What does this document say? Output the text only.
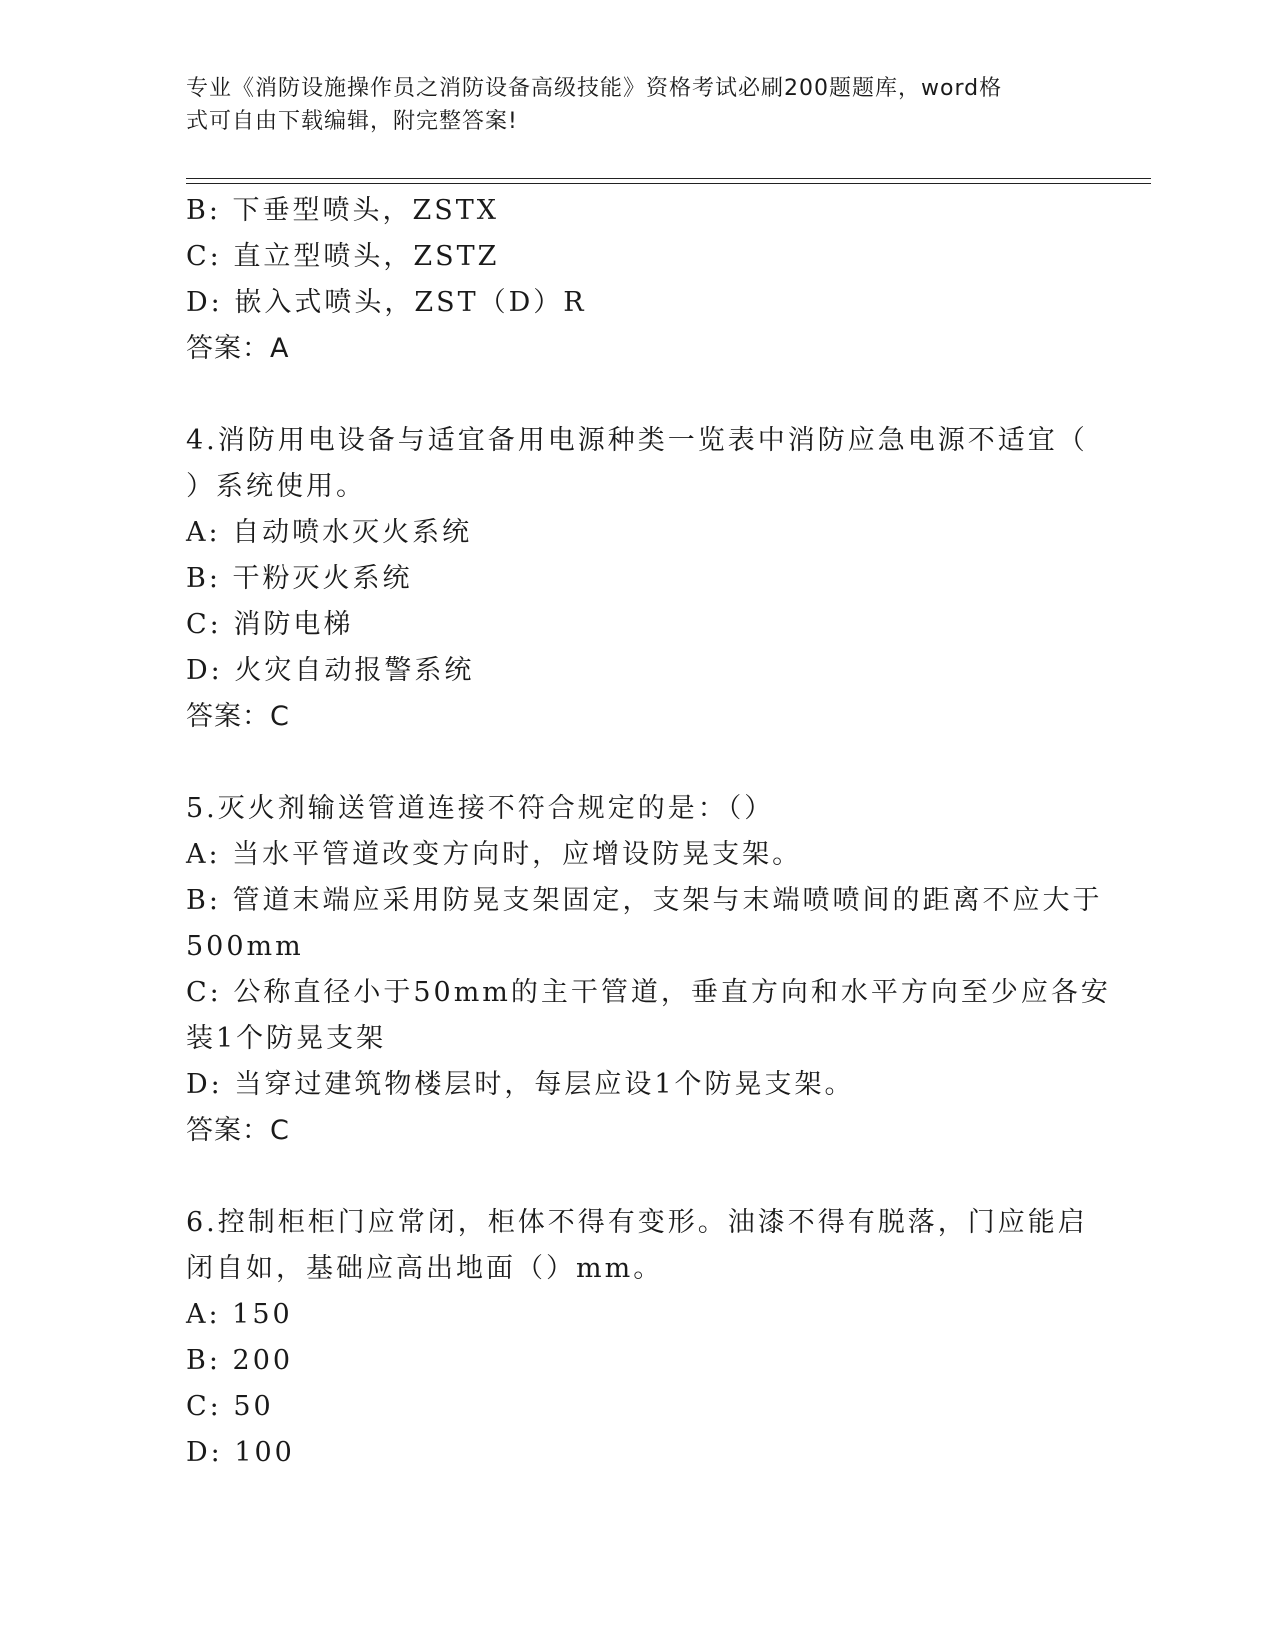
专业《消防设施操作员之消防设备高级技能》资格考试必刷200题题库，word格
式可自由下载编辑，附完整答案!
B: 下垂型喷头，ZSTX
C: 直立型喷头，ZSTZ
D: 嵌入式喷头，ZST（D）R
答案：A
4.消防用电设备与适宜备用电源种类一览表中消防应急电源不适宜（
）系统使用。
A: 自动喷水灭火系统
B: 干粉灭火系统
C: 消防电梯
D: 火灾自动报警系统
答案：C
5.灭火剂输送管道连接不符合规定的是：（）
A: 当水平管道改变方向时，应增设防晃支架。
B: 管道末端应采用防晃支架固定，支架与末端喷喷间的距离不应大于
500mm
C: 公称直径小于50mm的主干管道，垂直方向和水平方向至少应各安
装1个防晃支架
D: 当穿过建筑物楼层时，每层应设1个防晃支架。
答案：C
6.控制柜柜门应常闭，柜体不得有变形。油漆不得有脱落，门应能启
闭自如，基础应高出地面（）mm。
A: 150
B: 200
C: 50
D: 100
